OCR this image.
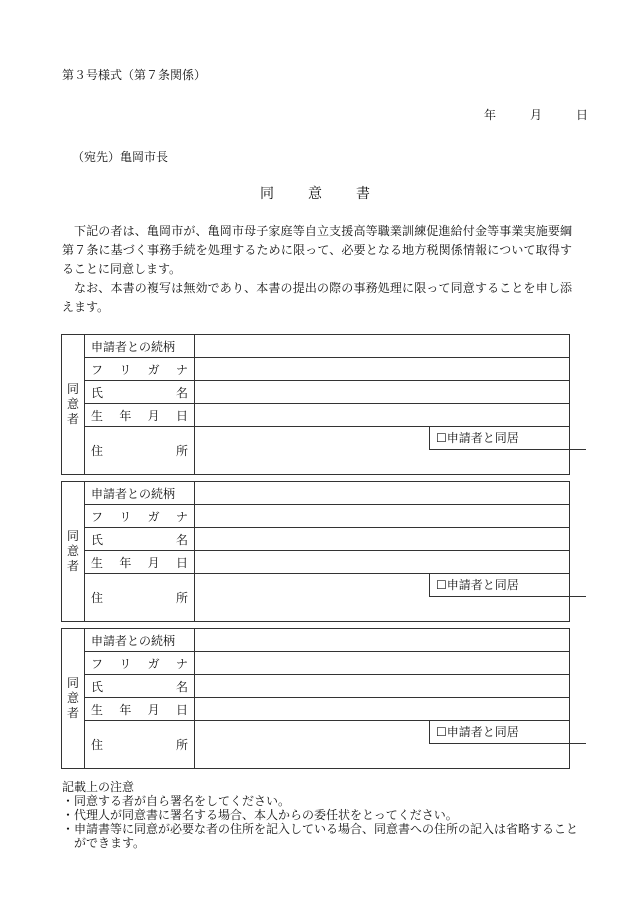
第３号様式（第７条関係）
年	月	日
（宛先）亀岡市長
同意書

下記の者は、亀岡市が、亀岡市母子家庭等自立支援高等職業訓練促進給付金等事業実施要綱第７条に基づく事務手続を処理するために限って、必要となる地方税関係情報について取得することに同意します。

なお、本書の複写は無効であり、本書の提出の際の事務処理に限って同意することを申し添えます。

同
意
者	申請者との続柄	

	フ リ ガ ナ	

	氏 名	

	生 年 月 日	

	住 所	☐申請者と同居
同
意
者	申請者との続柄	

	フ リ ガ ナ	

	氏 名	

	生 年 月 日	

	住 所	☐申請者と同居
同
意
者	申請者との続柄	

	フ リ ガ ナ	

	氏 名	

	生 年 月 日	

	住 所	☐申請者と同居
記載上の注意
・同意する者が自ら署名をしてください。
・代理人が同意書に署名する場合、本人からの委任状をとってください。
・申請書等に同意が必要な者の住所を記入している場合、同意書への住所の記入は省略することができます。
